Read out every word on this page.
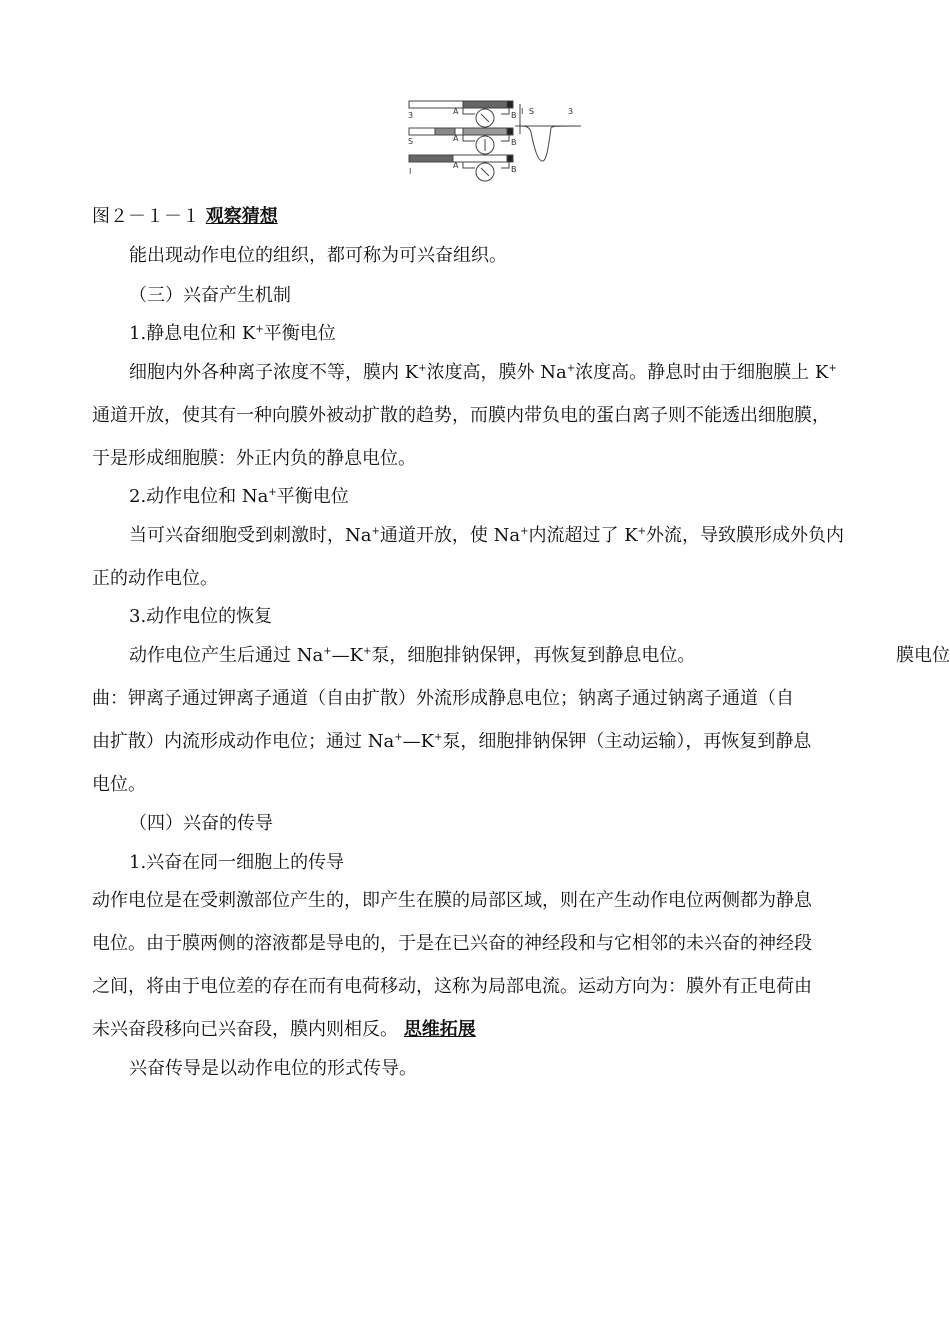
3	A	B
S	A	B
I
A	B
I S	3
图２－１－１ 观察猜想
能出现动作电位的组织，都可称为可兴奋组织。
（三）兴奋产生机制
1.静息电位和 K+平衡电位
细胞内外各种离子浓度不等，膜内 K+浓度高，膜外 Na+浓度高。静息时由于细胞膜上 K+
通道开放，使其有一种向膜外被动扩散的趋势，而膜内带负电的蛋白离子则不能透出细胞膜，
于是形成细胞膜：外正内负的静息电位。
2.动作电位和 Na+平衡电位
当可兴奋细胞受到刺激时，Na+通道开放，使 Na+内流超过了 K+外流，导致膜形成外负内
正的动作电位。
3.动作电位的恢复
动作电位产生后通过 Na+—K+泵，细胞排钠保钾，再恢复到静息电位。	膜电位
曲：钾离子通过钾离子通道（自由扩散）外流形成静息电位；钠离子通过钠离子通道（自
由扩散）内流形成动作电位；通过 Na+—K+泵，细胞排钠保钾（主动运输），再恢复到静息
电位。
（四）兴奋的传导
1.兴奋在同一细胞上的传导
动作电位是在受刺激部位产生的，即产生在膜的局部区域，则在产生动作电位两侧都为静息
电位。由于膜两侧的溶液都是导电的，于是在已兴奋的神经段和与它相邻的未兴奋的神经段
之间，将由于电位差的存在而有电荷移动，这称为局部电流。运动方向为：膜外有正电荷由
未兴奋段移向已兴奋段，膜内则相反。 思维拓展
兴奋传导是以动作电位的形式传导。
